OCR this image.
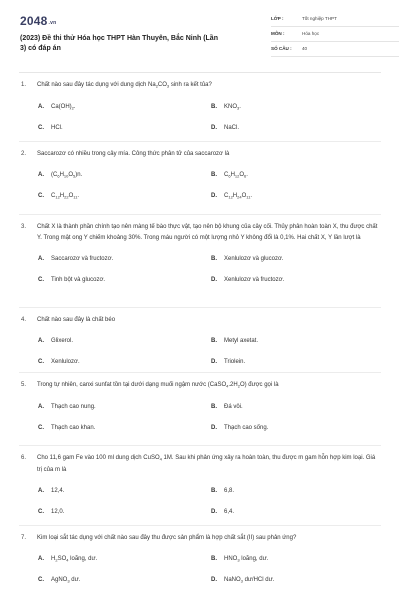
2048.vn
(2023) Đề thi thử Hóa học THPT Hàn Thuyên, Bắc Ninh (Lần 3) có đáp án
LỚP :	Tốt nghiệp THPT
MÔN :	Hóa học
SỐ CÂU : 40
1. Chất nào sau đây tác dụng với dung dịch $Na_2CO_3$ sinh ra kết tủa?
A. $Ca(OH)_2$.	B. $KNO_3$.
C. HCl.	D. NaCl.
2. Saccarozơ có nhiều trong cây mía. Công thức phân tử của saccarozơ là
A. $(C_6H_{10}O_5)n$.	B. $C_6H_{12}O_6$.
C. $C_{12}H_{22}O_{11}$.	D. $C_{12}H_{24}O_{11}$.
3. Chất X là thành phần chính tạo nên màng tế bào thực vật, tạo nên bộ khung của cây cối. Thủy phân hoàn toàn X, thu được chất Y. Trong mật ong Y chiếm khoảng 30%. Trong máu người có một lượng nhỏ Y không đổi là 0,1%. Hai chất X, Y lần lượt là
A. Saccarozơ và fructozơ.	B. Xenlulozơ và glucozơ.
C. Tinh bột và glucozơ.	D. Xenlulozơ và fructozơ.
4. Chất nào sau đây là chất béo
A. Glixerol.	B. Metyl axetat.
C. Xenlulozơ.	D. Triolein.
5. Trong tự nhiên, canxi sunfat tồn tại dưới dạng muối ngậm nước $(CaSO_4.2H_2O)$ được gọi là
A. Thạch cao nung.	B. Đá vôi.
C. Thạch cao khan.	D. Thạch cao sống.
6. Cho 11,6 gam Fe vào 100 ml dung dịch CuSO$_4$ 1M. Sau khi phản ứng xảy ra hoàn toàn, thu được m gam hỗn hợp kim loại. Giá trị của m là
A. 12,4.	B. 6,8.
C. 12,0.	D. 6,4.
7. Kim loại sắt tác dụng với chất nào sau đây thu được sản phẩm là hợp chất sắt (II) sau phản ứng?
A. $H_2SO_4$ loãng, dư.	B. $HNO_3$ loãng, dư.
C. AgNO$_3$ dư.	D. NaNO$_3$ dư/HCl dư.
